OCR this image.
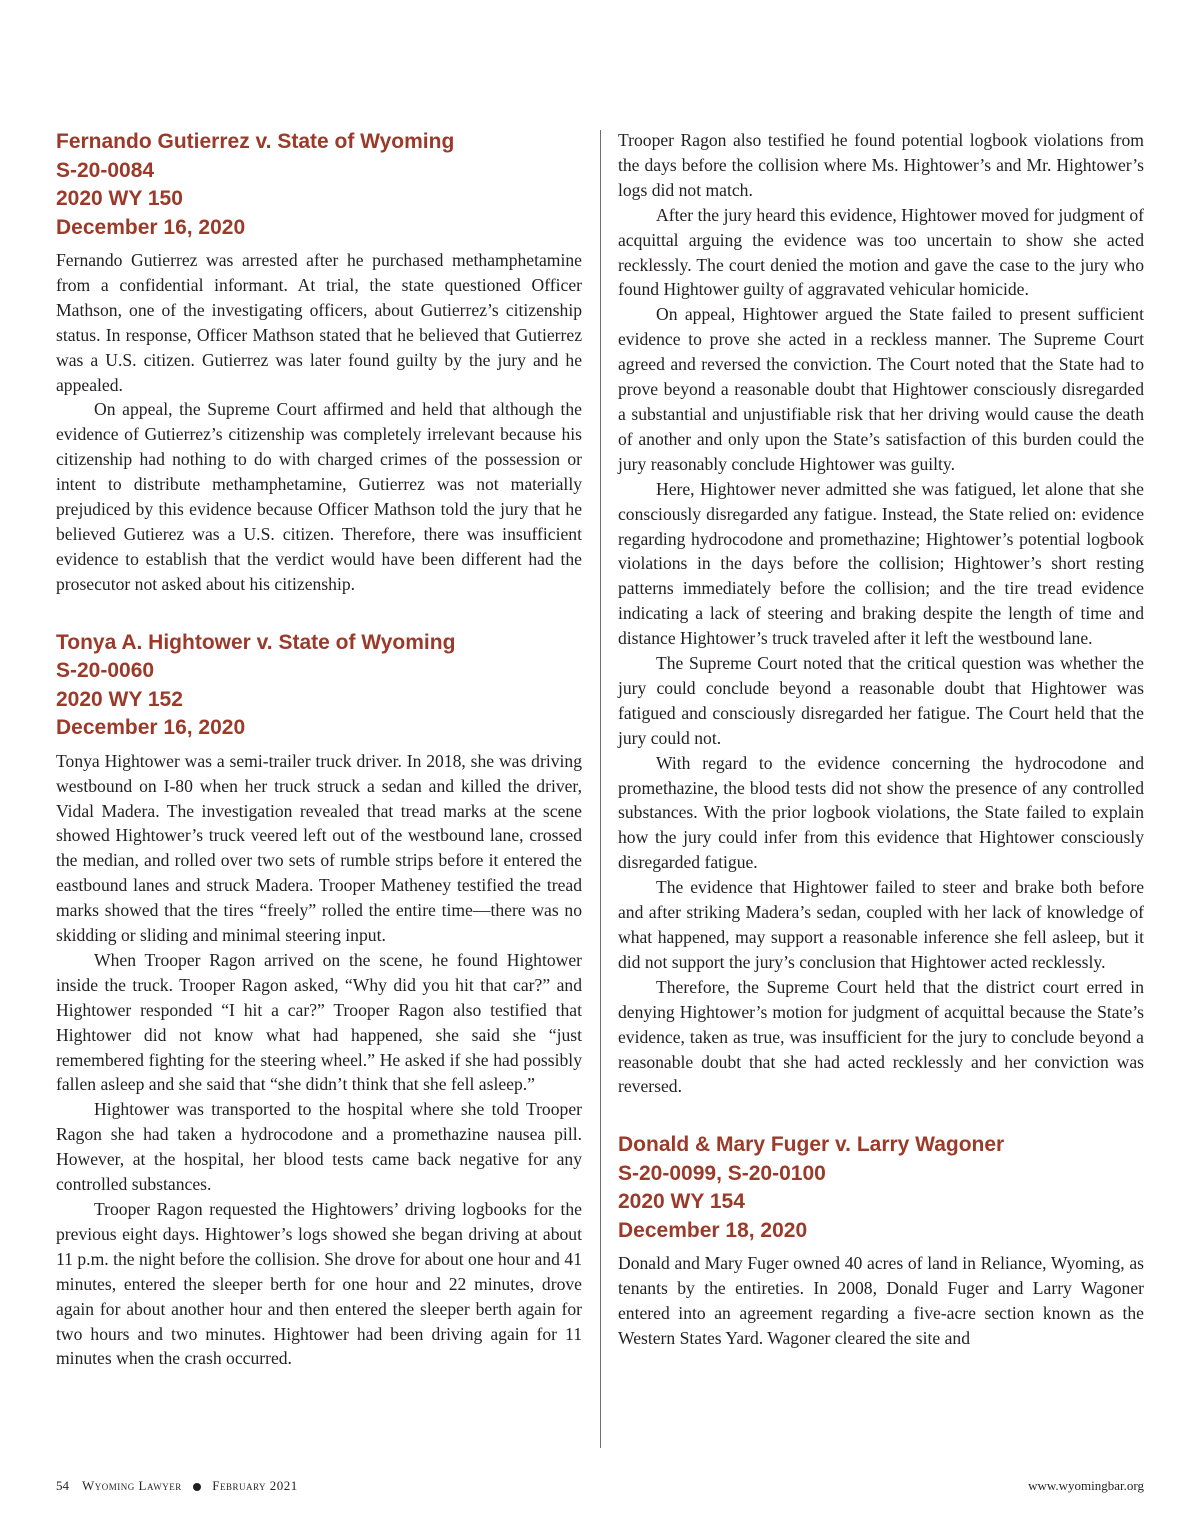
Fernando Gutierrez v. State of Wyoming
S-20-0084
2020 WY 150
December 16, 2020

Fernando Gutierrez was arrested after he purchased methamphetamine from a confidential informant. At trial, the state questioned Officer Mathson, one of the investigating officers, about Gutierrez’s citizenship status. In response, Officer Mathson stated that he believed that Gutierrez was a U.S. citizen. Gutierrez was later found guilty by the jury and he appealed.

On appeal, the Supreme Court affirmed and held that although the evidence of Gutierrez’s citizenship was completely irrelevant because his citizenship had nothing to do with charged crimes of the possession or intent to distribute methamphetamine, Gutierrez was not materially prejudiced by this evidence because Officer Mathson told the jury that he believed Gutierez was a U.S. citizen. Therefore, there was insufficient evidence to establish that the verdict would have been different had the prosecutor not asked about his citizenship.

Tonya A. Hightower v. State of Wyoming
S-20-0060
2020 WY 152
December 16, 2020

Tonya Hightower was a semi-trailer truck driver. In 2018, she was driving westbound on I-80 when her truck struck a sedan and killed the driver, Vidal Madera. The investigation revealed that tread marks at the scene showed Hightower’s truck veered left out of the westbound lane, crossed the median, and rolled over two sets of rumble strips before it entered the eastbound lanes and struck Madera. Trooper Matheney testified the tread marks showed that the tires “freely” rolled the entire time—there was no skidding or sliding and minimal steering input.

When Trooper Ragon arrived on the scene, he found Hightower inside the truck. Trooper Ragon asked, “Why did you hit that car?” and Hightower responded “I hit a car?” Trooper Ragon also testified that Hightower did not know what had happened, she said she “just remembered fighting for the steering wheel.” He asked if she had possibly fallen asleep and she said that “she didn’t think that she fell asleep.”

Hightower was transported to the hospital where she told Trooper Ragon she had taken a hydrocodone and a promethazine nausea pill. However, at the hospital, her blood tests came back negative for any controlled substances.

Trooper Ragon requested the Hightowers’ driving logbooks for the previous eight days. Hightower’s logs showed she began driving at about 11 p.m. the night before the collision. She drove for about one hour and 41 minutes, entered the sleeper berth for one hour and 22 minutes, drove again for about another hour and then entered the sleeper berth again for two hours and two minutes. Hightower had been driving again for 11 minutes when the crash occurred.

Trooper Ragon also testified he found potential logbook violations from the days before the collision where Ms. Hightower’s and Mr. Hightower’s logs did not match.

After the jury heard this evidence, Hightower moved for judgment of acquittal arguing the evidence was too uncertain to show she acted recklessly. The court denied the motion and gave the case to the jury who found Hightower guilty of aggravated vehicular homicide.

On appeal, Hightower argued the State failed to present sufficient evidence to prove she acted in a reckless manner. The Supreme Court agreed and reversed the conviction. The Court noted that the State had to prove beyond a reasonable doubt that Hightower consciously disregarded a substantial and unjustifiable risk that her driving would cause the death of another and only upon the State’s satisfaction of this burden could the jury reasonably conclude Hightower was guilty.

Here, Hightower never admitted she was fatigued, let alone that she consciously disregarded any fatigue. Instead, the State relied on: evidence regarding hydrocodone and promethazine; Hightower’s potential logbook violations in the days before the collision; Hightower’s short resting patterns immediately before the collision; and the tire tread evidence indicating a lack of steering and braking despite the length of time and distance Hightower’s truck traveled after it left the westbound lane.

The Supreme Court noted that the critical question was whether the jury could conclude beyond a reasonable doubt that Hightower was fatigued and consciously disregarded her fatigue. The Court held that the jury could not.

With regard to the evidence concerning the hydrocodone and promethazine, the blood tests did not show the presence of any controlled substances. With the prior logbook violations, the State failed to explain how the jury could infer from this evidence that Hightower consciously disregarded fatigue.

The evidence that Hightower failed to steer and brake both before and after striking Madera’s sedan, coupled with her lack of knowledge of what happened, may support a reasonable inference she fell asleep, but it did not support the jury’s conclusion that Hightower acted recklessly.

Therefore, the Supreme Court held that the district court erred in denying Hightower’s motion for judgment of acquittal because the State’s evidence, taken as true, was insufficient for the jury to conclude beyond a reasonable doubt that she had acted recklessly and her conviction was reversed.

Donald & Mary Fuger v. Larry Wagoner
S-20-0099, S-20-0100
2020 WY 154
December 18, 2020

Donald and Mary Fuger owned 40 acres of land in Reliance, Wyoming, as tenants by the entireties. In 2008, Donald Fuger and Larry Wagoner entered into an agreement regarding a five-acre section known as the Western States Yard. Wagoner cleared the site and

54 Wyoming Lawyer February 2021	www.wyomingbar.org
